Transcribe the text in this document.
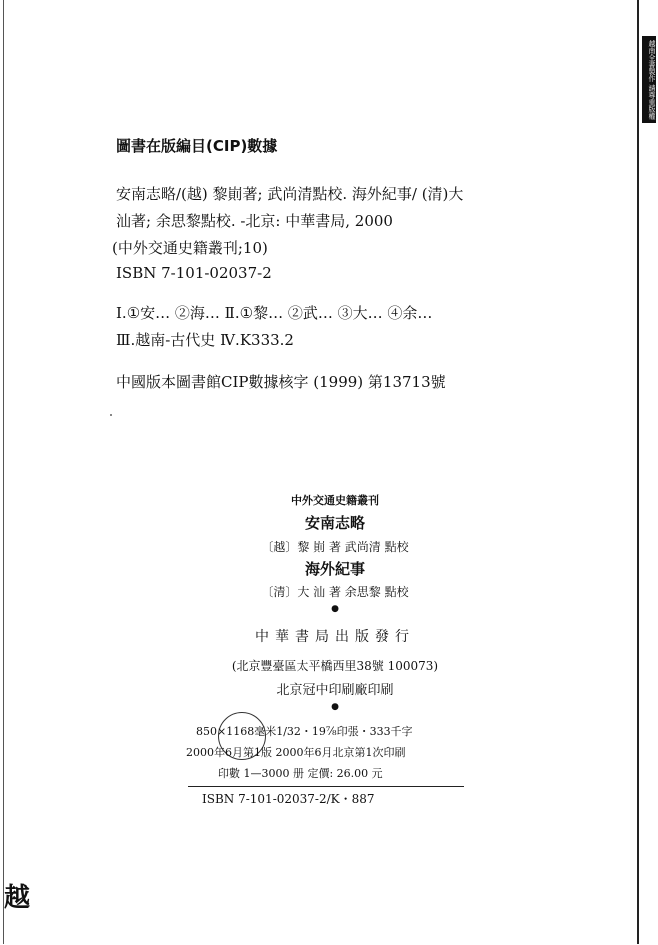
越南全書製作 請尊重版權
圖書在版編目(CIP)數據
安南志略/(越) 黎崱著; 武尚清點校. 海外紀事/ (清)大
汕著; 余思黎點校. -北京: 中華書局, 2000
(中外交通史籍叢刊;10)
ISBN 7-101-02037-2
Ⅰ.①安… ②海… Ⅱ.①黎… ②武… ③大… ④余…
Ⅲ.越南-古代史 Ⅳ.K333.2
中國版本圖書館CIP數據核字 (1999) 第13713號
中外交通史籍叢刊
安南志略
〔越〕黎 崱 著 武尚清 點校
海外紀事
〔清〕大 汕 著 余思黎 點校
●
中華書局出版發行
(北京豐臺區太平橋西里38號 100073)
北京冠中印刷廠印刷
●
850×1168毫米1/32・19⅞印張・333千字
2000年6月第1版 2000年6月北京第1次印刷
印數 1—3000 册 定價: 26.00 元
ISBN 7-101-02037-2/K・887
越
